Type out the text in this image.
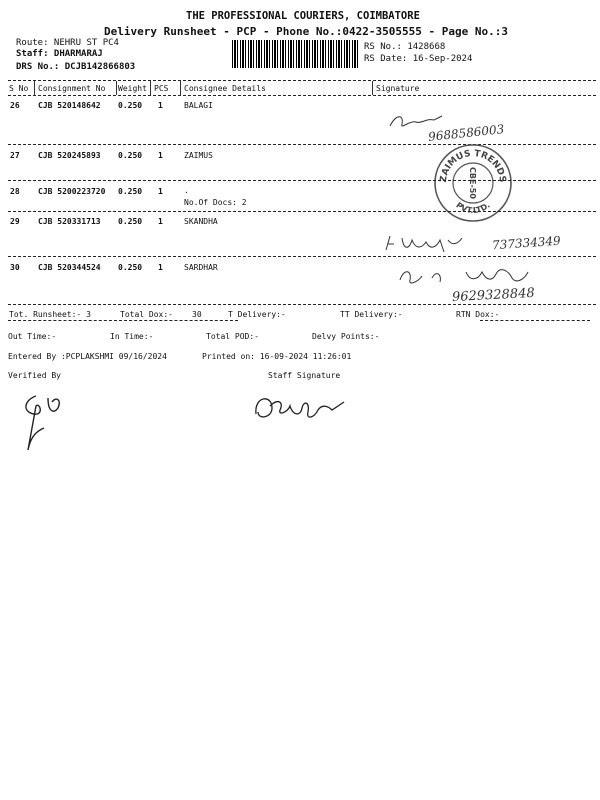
THE PROFESSIONAL COURIERS, COIMBATORE
Delivery Runsheet - PCP - Phone No.:0422-3505555 - Page No.:3
Route: NEHRU ST PC4
Staff: DHARMARAJ
DRS No.: DCJB142866803
RS No.: 1428668
RS Date: 16-Sep-2024
S No Consignment No Weight PCS Consignee Details	Signature
26 CJB 520148642 0.250 1	BALAGI
9688586003
27 CJB 520245893 0.250 1	ZAIMUS
ZAIMUS TRENDS
PVT.LTD.
CBE-50
28 CJB 5200223720 0.250 1	.
No.Of Docs: 2
29 CJB 520331713 0.250 1	SKANDHA
737334349
30 CJB 520344524 0.250 1	SARDHAR
9629328848
Tot. Runsheet:- 3	Total Dox:- 30	T Delivery:-	TT Delivery:-	RTN Dox:-
Out Time:-	In Time:-	Total POD:-	Delvy Points:-
Entered By :PCPLAKSHMI 09/16/2024	Printed on: 16-09-2024 11:26:01
Verified By	Staff Signature
